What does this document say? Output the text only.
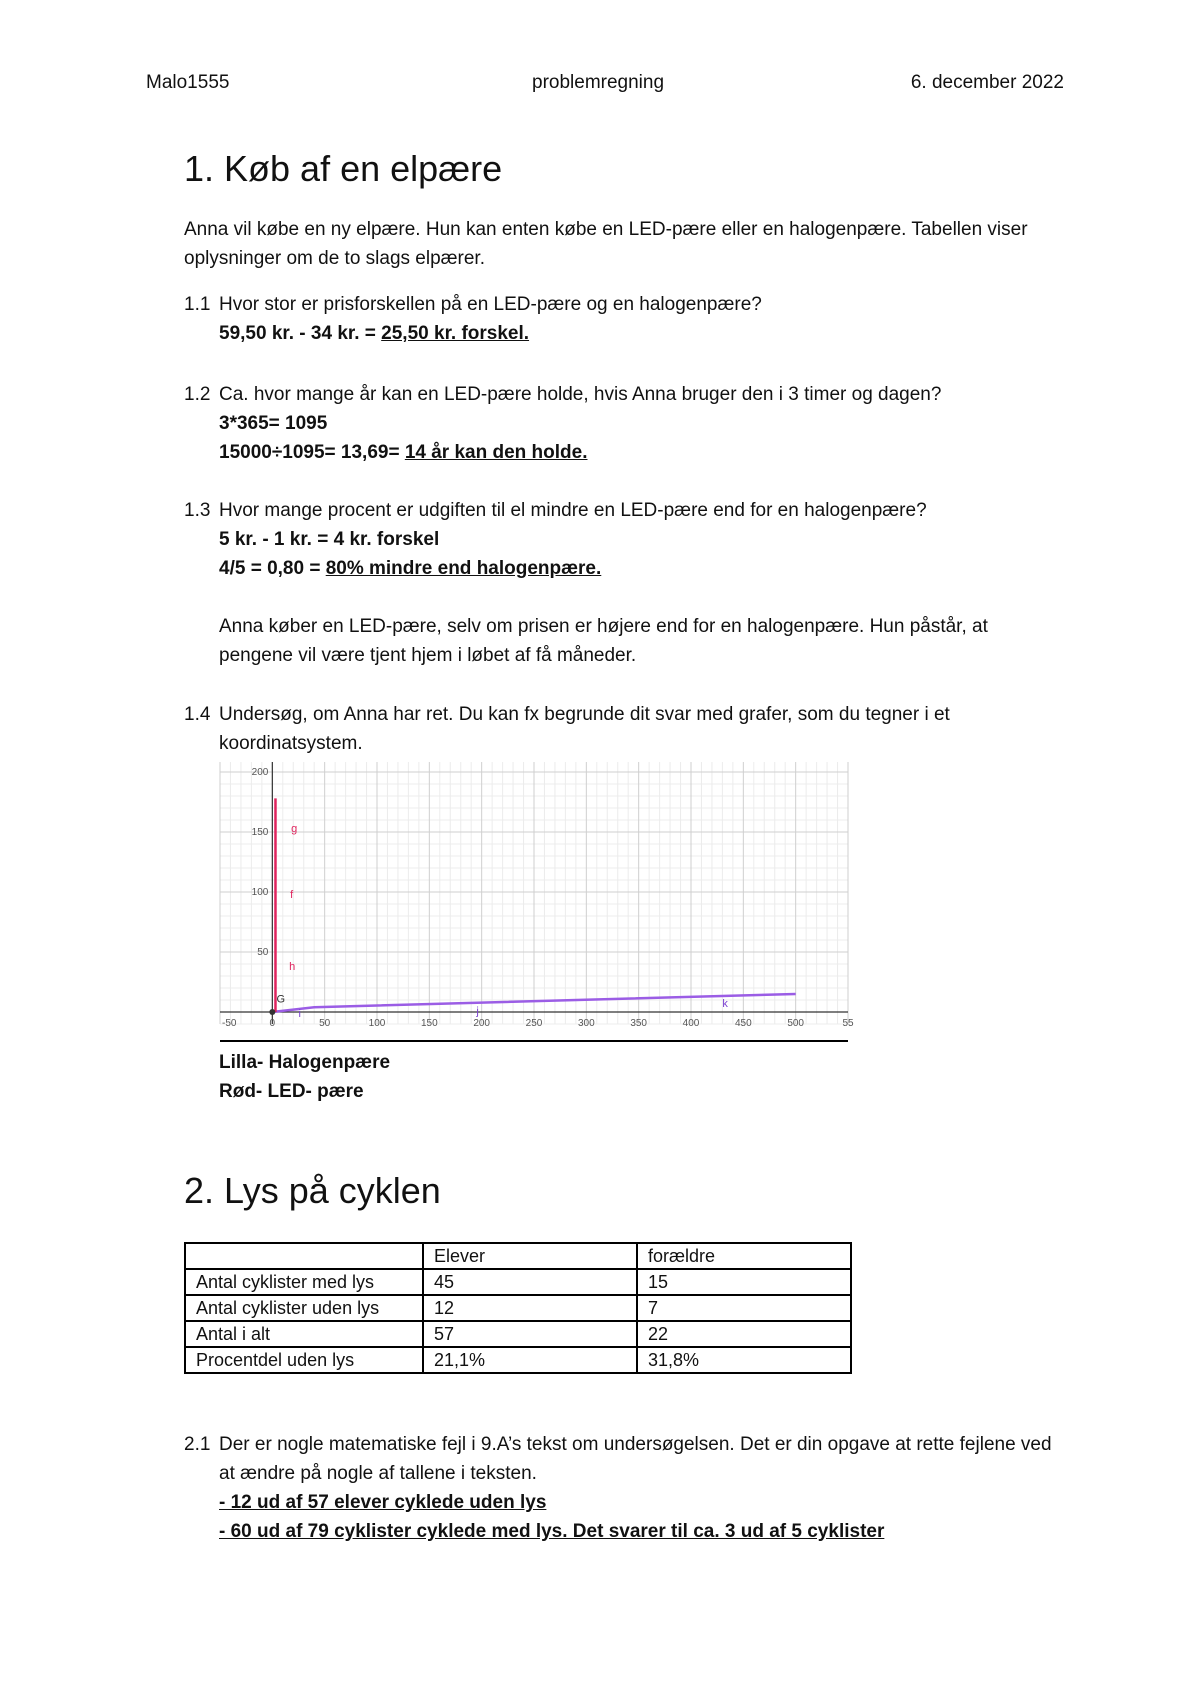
Malo1555	problemregning	6. december 2022
1. Køb af en elpære

Anna vil købe en ny elpære. Hun kan enten købe en LED-pære eller en halogenpære. Tabellen viser oplysninger om de to slags elpærer.

1.1 Hvor stor er prisforskellen på en LED-pære og en halogenpære?

59,50 kr. - 34 kr. = 25,50 kr. forskel.

1.2 Ca. hvor mange år kan en LED-pære holde, hvis Anna bruger den i 3 timer og dagen?

3*365= 1095

15000÷1095= 13,69= 14 år kan den holde.

1.3 Hvor mange procent er udgiften til el mindre en LED-pære end for en halogenpære?

5 kr. - 1 kr. = 4 kr. forskel

4/5 = 0,80 = 80% mindre end halogenpære.

Anna køber en LED-pære, selv om prisen er højere end for en halogenpære. Hun påstår, at pengene vil være tjent hjem i løbet af få måneder.

1.4 Undersøg, om Anna har ret. Du kan fx begrunde dit svar med grafer, som du tegner i et koordinatsystem.
-50	0	50	100	150	200	250	300	350	400	450	500	55
50
100
150
200
g
f
h
G
i	j
k

Lilla- Halogenpære

Rød- LED- pære

2. Lys på cyklen
	Elever	forældre
Antal cyklister med lys	45	15
Antal cyklister uden lys	12	7
Antal i alt	57	22
Procentdel uden lys	21,1%	31,8%
2.1 Der er nogle matematiske fejl i 9.A’s tekst om undersøgelsen. Det er din opgave at rette fejlene ved at ændre på nogle af tallene i teksten.

- 12 ud af 57 elever cyklede uden lys

- 60 ud af 79 cyklister cyklede med lys. Det svarer til ca. 3 ud af 5 cyklister
